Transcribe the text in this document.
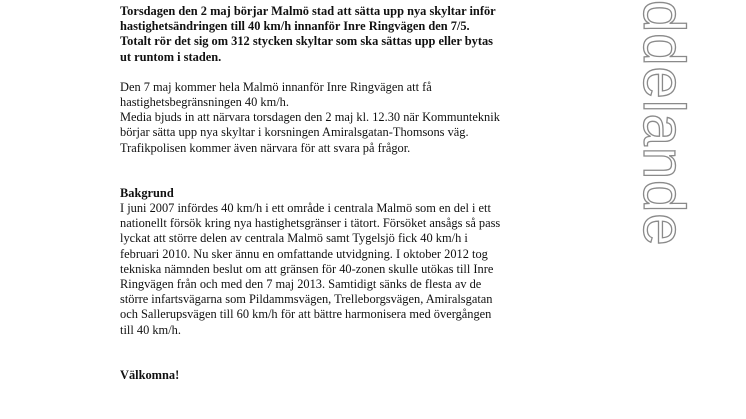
Torsdagen den 2 maj börjar Malmö stad att sätta upp nya skyltar inför
hastighetsändringen till 40 km/h innanför Inre Ringvägen den 7/5.
Totalt rör det sig om 312 stycken skyltar som ska sättas upp eller bytas
ut runtom i staden.

Den 7 maj kommer hela Malmö innanför Inre Ringvägen att få
hastighetsbegränsningen 40 km/h.
Media bjuds in att närvara torsdagen den 2 maj kl. 12.30 när Kommunteknik
börjar sätta upp nya skyltar i korsningen Amiralsgatan-Thomsons väg.
Trafikpolisen kommer även närvara för att svara på frågor.

Bakgrund

I juni 2007 infördes 40 km/h i ett område i centrala Malmö som en del i ett
nationellt försök kring nya hastighetsgränser i tätort. Försöket ansågs så pass
lyckat att större delen av centrala Malmö samt Tygelsjö fick 40 km/h i
februari 2010. Nu sker ännu en omfattande utvidgning. I oktober 2012 tog
tekniska nämnden beslut om att gränsen för 40-zonen skulle utökas till Inre
Ringvägen från och med den 7 maj 2013. Samtidigt sänks de flesta av de
större infartsvägarna som Pildammsvägen, Trelleborgsvägen, Amiralsgatan
och Sallerupsvägen till 60 km/h för att bättre harmonisera med övergången
till 40 km/h.

Välkomna!

ddelande
